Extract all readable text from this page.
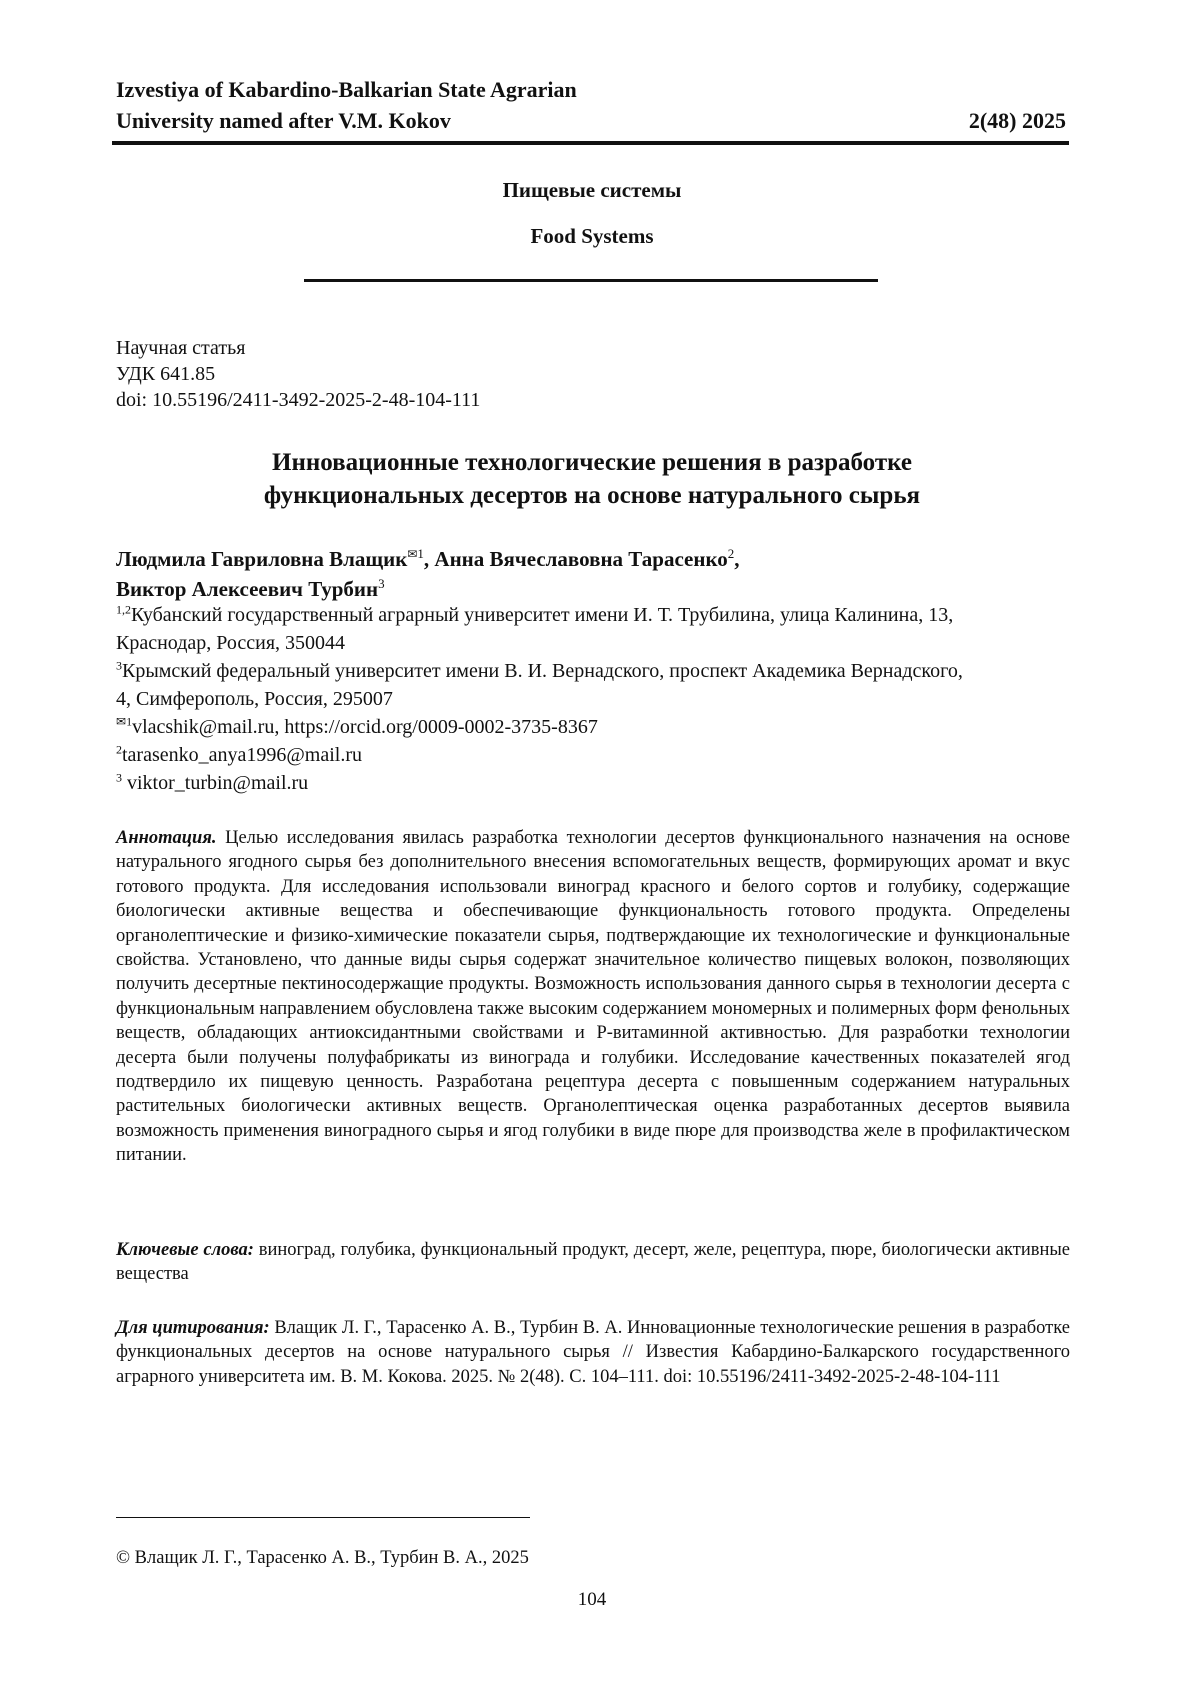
Izvestiya of Kabardino-Balkarian State Agrarian
University named after V.M. Kokov	2(48) 2025
Пищевые системы
Food Systems
Научная статья
УДК 641.85
doi: 10.55196/2411-3492-2025-2-48-104-111
Инновационные технологические решения в разработке
функциональных десертов на основе натурального сырья
Людмила Гавриловна Влащик✉1, Анна Вячеславовна Тарасенко2,
Виктор Алексеевич Турбин3
1,2Кубанский государственный аграрный университет имени И. Т. Трубилина, улица Калинина, 13,
Краснодар, Россия, 350044
3Крымский федеральный университет имени В. И. Вернадского, проспект Академика Вернадского,
4, Симферополь, Россия, 295007
✉1vlacshik@mail.ru, https://orcid.org/0009-0002-3735-8367
2tarasenko_anya1996@mail.ru
3 viktor_turbin@mail.ru
Аннотация. Целью исследования явилась разработка технологии десертов функционального назначения на основе натурального ягодного сырья без дополнительного внесения вспомогательных веществ, формирующих аромат и вкус готового продукта. Для исследования использовали виноград красного и белого сортов и голубику, содержащие биологически активные вещества и обеспечивающие функциональность готового продукта. Определены органолептические и физико-химические показатели сырья, подтверждающие их технологические и функциональные свойства. Установлено, что данные виды сырья содержат значительное количество пищевых волокон, позволяющих получить десертные пектиносодержащие продукты. Возможность использования данного сырья в технологии десерта с функциональным направлением обусловлена также высоким содержанием мономерных и полимерных форм фенольных веществ, обладающих антиоксидантными свойствами и Р-витаминной активностью. Для разработки технологии десерта были получены полуфабрикаты из винограда и голубики. Исследование качественных показателей ягод подтвердило их пищевую ценность. Разработана рецептура десерта с повышенным содержанием натуральных растительных биологически активных веществ. Органолептическая оценка разработанных десертов выявила возможность применения виноградного сырья и ягод голубики в виде пюре для производства желе в профилактическом питании.
Ключевые слова: виноград, голубика, функциональный продукт, десерт, желе, рецептура, пюре, биологически активные вещества
Для цитирования: Влащик Л. Г., Тарасенко А. В., Турбин В. А. Инновационные технологические решения в разработке функциональных десертов на основе натурального сырья // Известия Кабардино-Балкарского государственного аграрного университета им. В. М. Кокова. 2025. № 2(48). С. 104–111. doi: 10.55196/2411-3492-2025-2-48-104-111
© Влащик Л. Г., Тарасенко А. В., Турбин В. А., 2025
104
